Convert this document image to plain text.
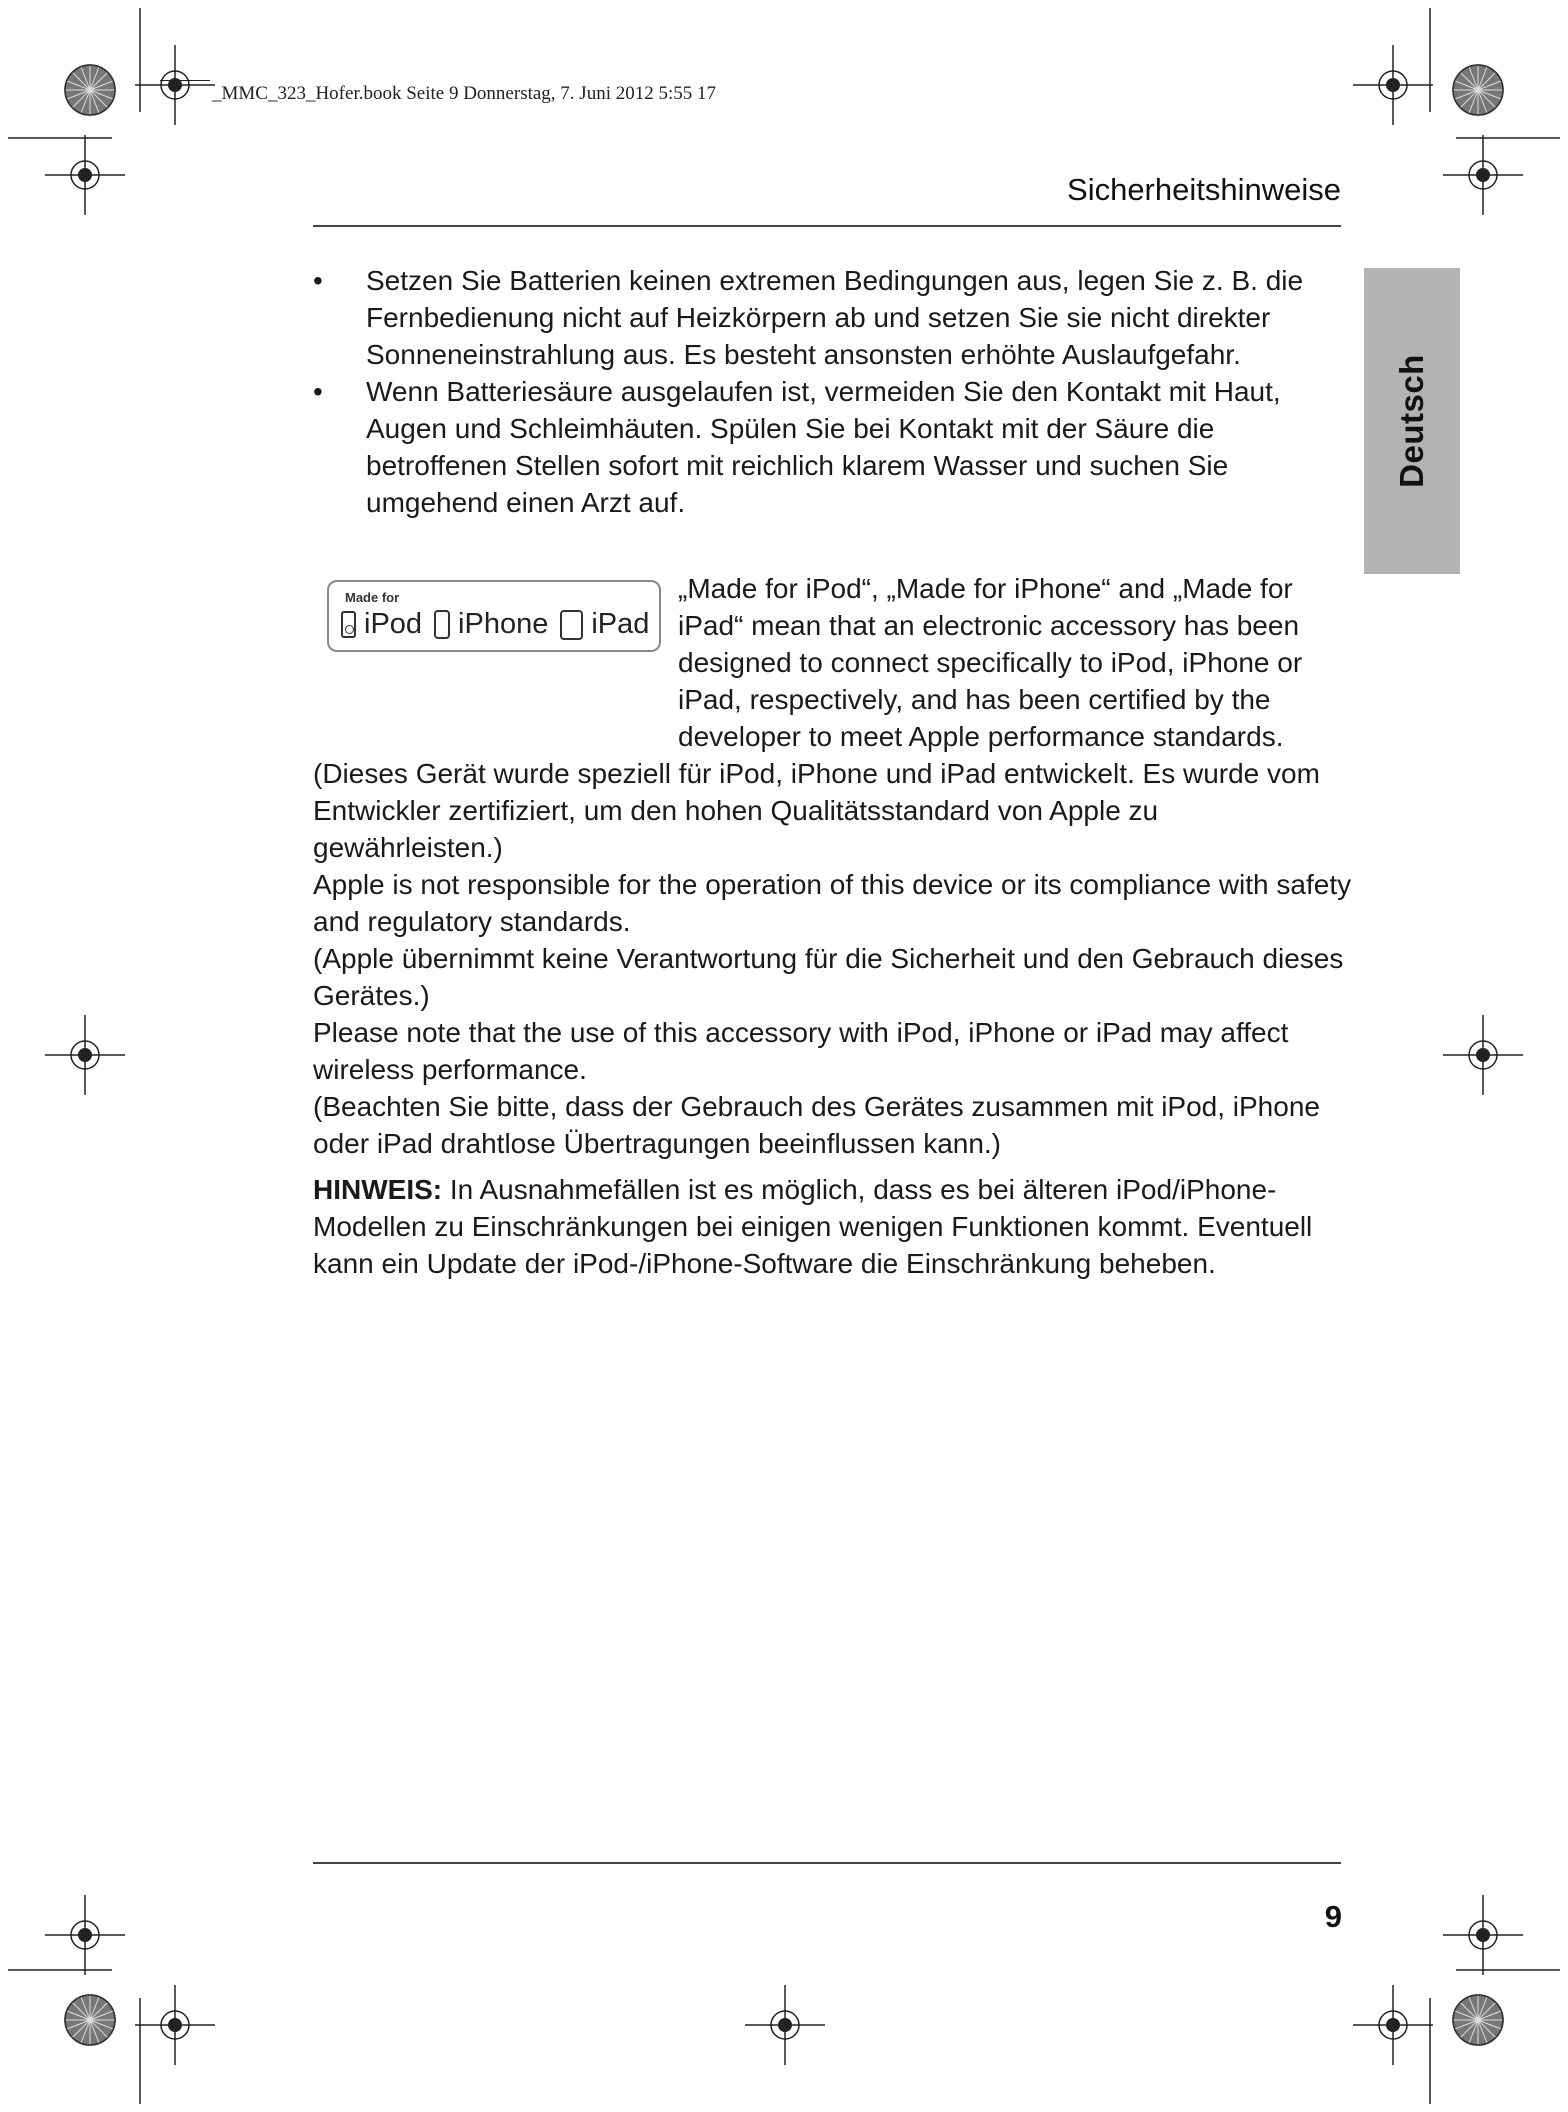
_MMC_323_Hofer.book Seite 9 Donnerstag, 7. Juni 2012 5:55 17
Sicherheitshinweise
Deutsch
• Setzen Sie Batterien keinen extremen Bedingungen aus, legen Sie z. B. die Fernbedienung nicht auf Heizkörpern ab und setzen Sie sie nicht direkter Sonneneinstrahlung aus. Es besteht ansonsten erhöhte Auslaufgefahr.
• Wenn Batteriesäure ausgelaufen ist, vermeiden Sie den Kontakt mit Haut, Augen und Schleimhäuten. Spülen Sie bei Kontakt mit der Säure die betroffenen Stellen sofort mit reichlich klarem Wasser und suchen Sie umgehend einen Arzt auf.
Made for
iPod iPhone iPad

„Made for iPod“, „Made for iPhone“ and „Made for iPad“ mean that an electronic accessory has been designed to connect specifically to iPod, iPhone or iPad, respectively, and has been certified by the developer to meet Apple performance standards.

(Dieses Gerät wurde speziell für iPod, iPhone und iPad entwickelt. Es wurde vom Entwickler zertifiziert, um den hohen Qualitätsstandard von Apple zu gewährleisten.)

Apple is not responsible for the operation of this device or its compliance with safety and regulatory standards.

(Apple übernimmt keine Verantwortung für die Sicherheit und den Gebrauch dieses Gerätes.)

Please note that the use of this accessory with iPod, iPhone or iPad may affect wireless performance.

(Beachten Sie bitte, dass der Gebrauch des Gerätes zusammen mit iPod, iPhone oder iPad drahtlose Übertragungen beeinflussen kann.)

HINWEIS: In Ausnahmefällen ist es möglich, dass es bei älteren iPod/iPhone-Modellen zu Einschränkungen bei einigen wenigen Funktionen kommt. Eventuell kann ein Update der iPod-/iPhone-Software die Einschränkung beheben.

9
